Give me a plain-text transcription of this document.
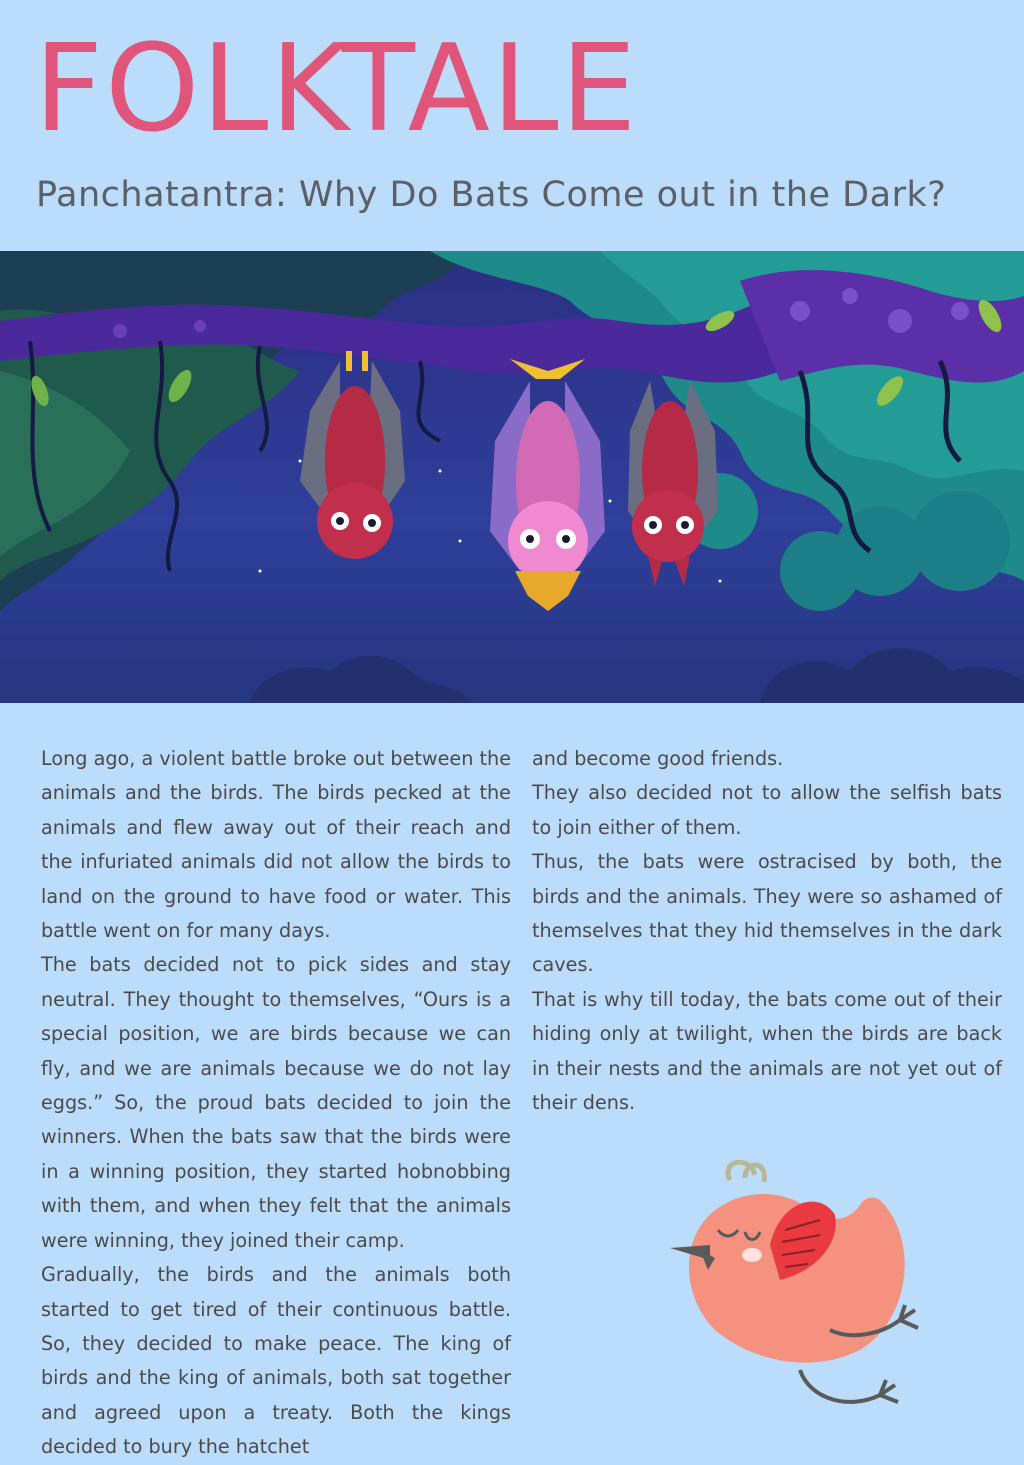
FOLKTALE
Panchatantra: Why Do Bats Come out in the Dark?

Long ago, a violent battle broke out between the animals and the birds. The birds pecked at the animals and flew away out of their reach and the infuriated animals did not allow the birds to land on the ground to have food or water. This battle went on for many days.

The bats decided not to pick sides and stay neutral. They thought to themselves, “Ours is a special position, we are birds because we can fly, and we are animals because we do not lay eggs.” So, the proud bats decided to join the winners. When the bats saw that the birds were in a winning position, they started hobnobbing with them, and when they felt that the animals were winning, they joined their camp.

Gradually, the birds and the animals both started to get tired of their continuous battle. So, they decided to make peace. The king of birds and the king of animals, both sat together and agreed upon a treaty. Both the kings decided to bury the hatchet

and become good friends.

They also decided not to allow the selfish bats to join either of them.

Thus, the bats were ostracised by both, the birds and the animals. They were so ashamed of themselves that they hid themselves in the dark caves.

That is why till today, the bats come out of their hiding only at twilight, when the birds are back in their nests and the animals are not yet out of their dens.
